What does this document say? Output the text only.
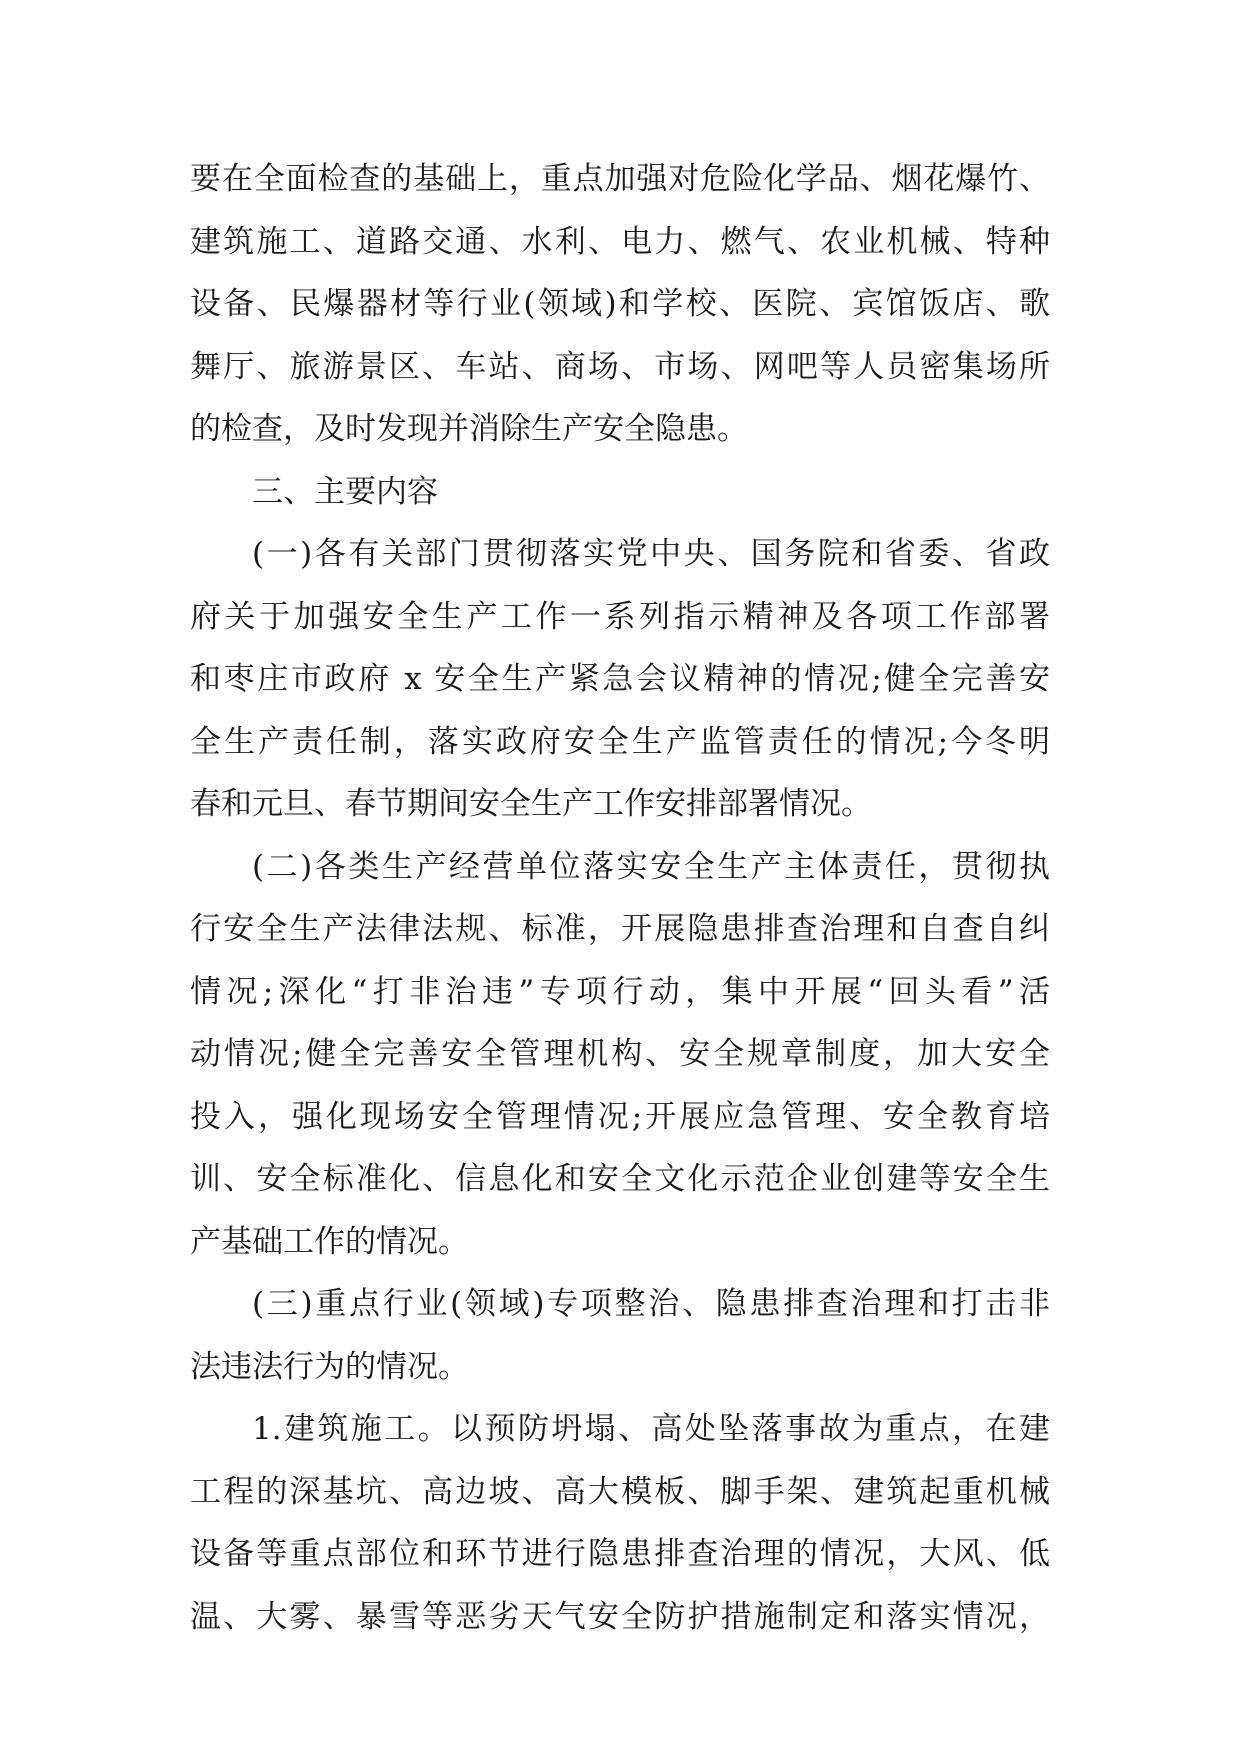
要在全面检查的基础上，重点加强对危险化学品、烟花爆竹、
建筑施工、道路交通、水利、电力、燃气、农业机械、特种
设备、民爆器材等行业(领域)和学校、医院、宾馆饭店、歌
舞厅、旅游景区、车站、商场、市场、网吧等人员密集场所
的检查，及时发现并消除生产安全隐患。
三、主要内容
(一)各有关部门贯彻落实党中央、国务院和省委、省政
府关于加强安全生产工作一系列指示精神及各项工作部署
和枣庄市政府 x 安全生产紧急会议精神的情况;健全完善安
全生产责任制，落实政府安全生产监管责任的情况;今冬明
春和元旦、春节期间安全生产工作安排部署情况。
(二)各类生产经营单位落实安全生产主体责任，贯彻执
行安全生产法律法规、标准，开展隐患排查治理和自查自纠
情况;深化“打非治违”专项行动，集中开展“回头看”活
动情况;健全完善安全管理机构、安全规章制度，加大安全
投入，强化现场安全管理情况;开展应急管理、安全教育培
训、安全标准化、信息化和安全文化示范企业创建等安全生
产基础工作的情况。
(三)重点行业(领域)专项整治、隐患排查治理和打击非
法违法行为的情况。
1.建筑施工。以预防坍塌、高处坠落事故为重点，在建
工程的深基坑、高边坡、高大模板、脚手架、建筑起重机械
设备等重点部位和环节进行隐患排查治理的情况，大风、低
温、大雾、暴雪等恶劣天气安全防护措施制定和落实情况，
